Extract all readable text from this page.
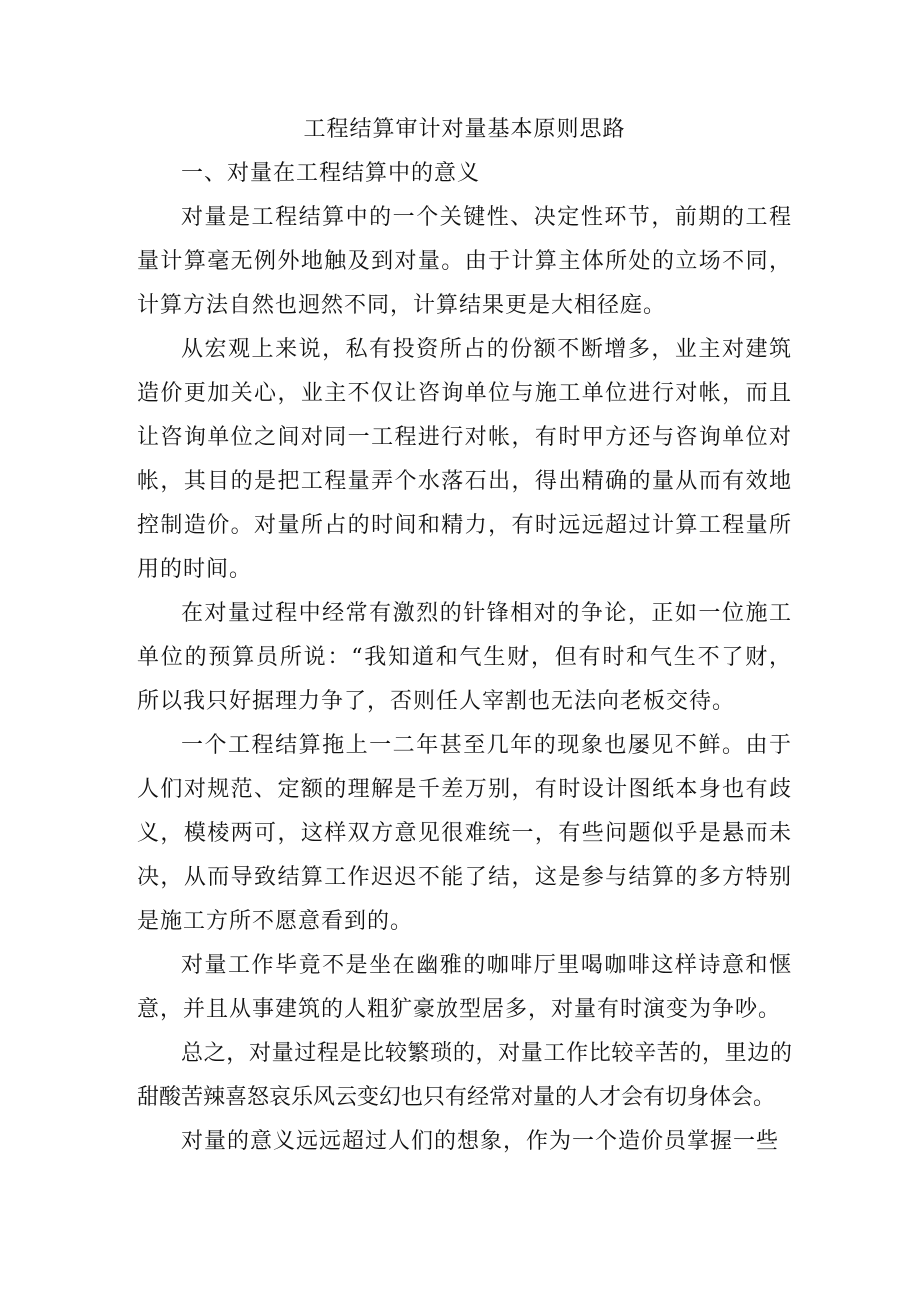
工程结算审计对量基本原则思路
一、对量在工程结算中的意义

对量是工程结算中的一个关键性、决定性环节，前期的工程量计算毫无例外地触及到对量。由于计算主体所处的立场不同，计算方法自然也迥然不同，计算结果更是大相径庭。

从宏观上来说，私有投资所占的份额不断增多，业主对建筑造价更加关心，业主不仅让咨询单位与施工单位进行对帐，而且让咨询单位之间对同一工程进行对帐，有时甲方还与咨询单位对帐，其目的是把工程量弄个水落石出，得出精确的量从而有效地控制造价。对量所占的时间和精力，有时远远超过计算工程量所用的时间。

在对量过程中经常有激烈的针锋相对的争论，正如一位施工单位的预算员所说：“我知道和气生财，但有时和气生不了财，所以我只好据理力争了，否则任人宰割也无法向老板交待。

一个工程结算拖上一二年甚至几年的现象也屡见不鲜。由于人们对规范、定额的理解是千差万别，有时设计图纸本身也有歧义，模棱两可，这样双方意见很难统一，有些问题似乎是悬而未决，从而导致结算工作迟迟不能了结，这是参与结算的多方特别是施工方所不愿意看到的。

对量工作毕竟不是坐在幽雅的咖啡厅里喝咖啡这样诗意和惬意，并且从事建筑的人粗犷豪放型居多，对量有时演变为争吵。

总之，对量过程是比较繁琐的，对量工作比较辛苦的，里边的甜酸苦辣喜怒哀乐风云变幻也只有经常对量的人才会有切身体会。

对量的意义远远超过人们的想象，作为一个造价员掌握一些
